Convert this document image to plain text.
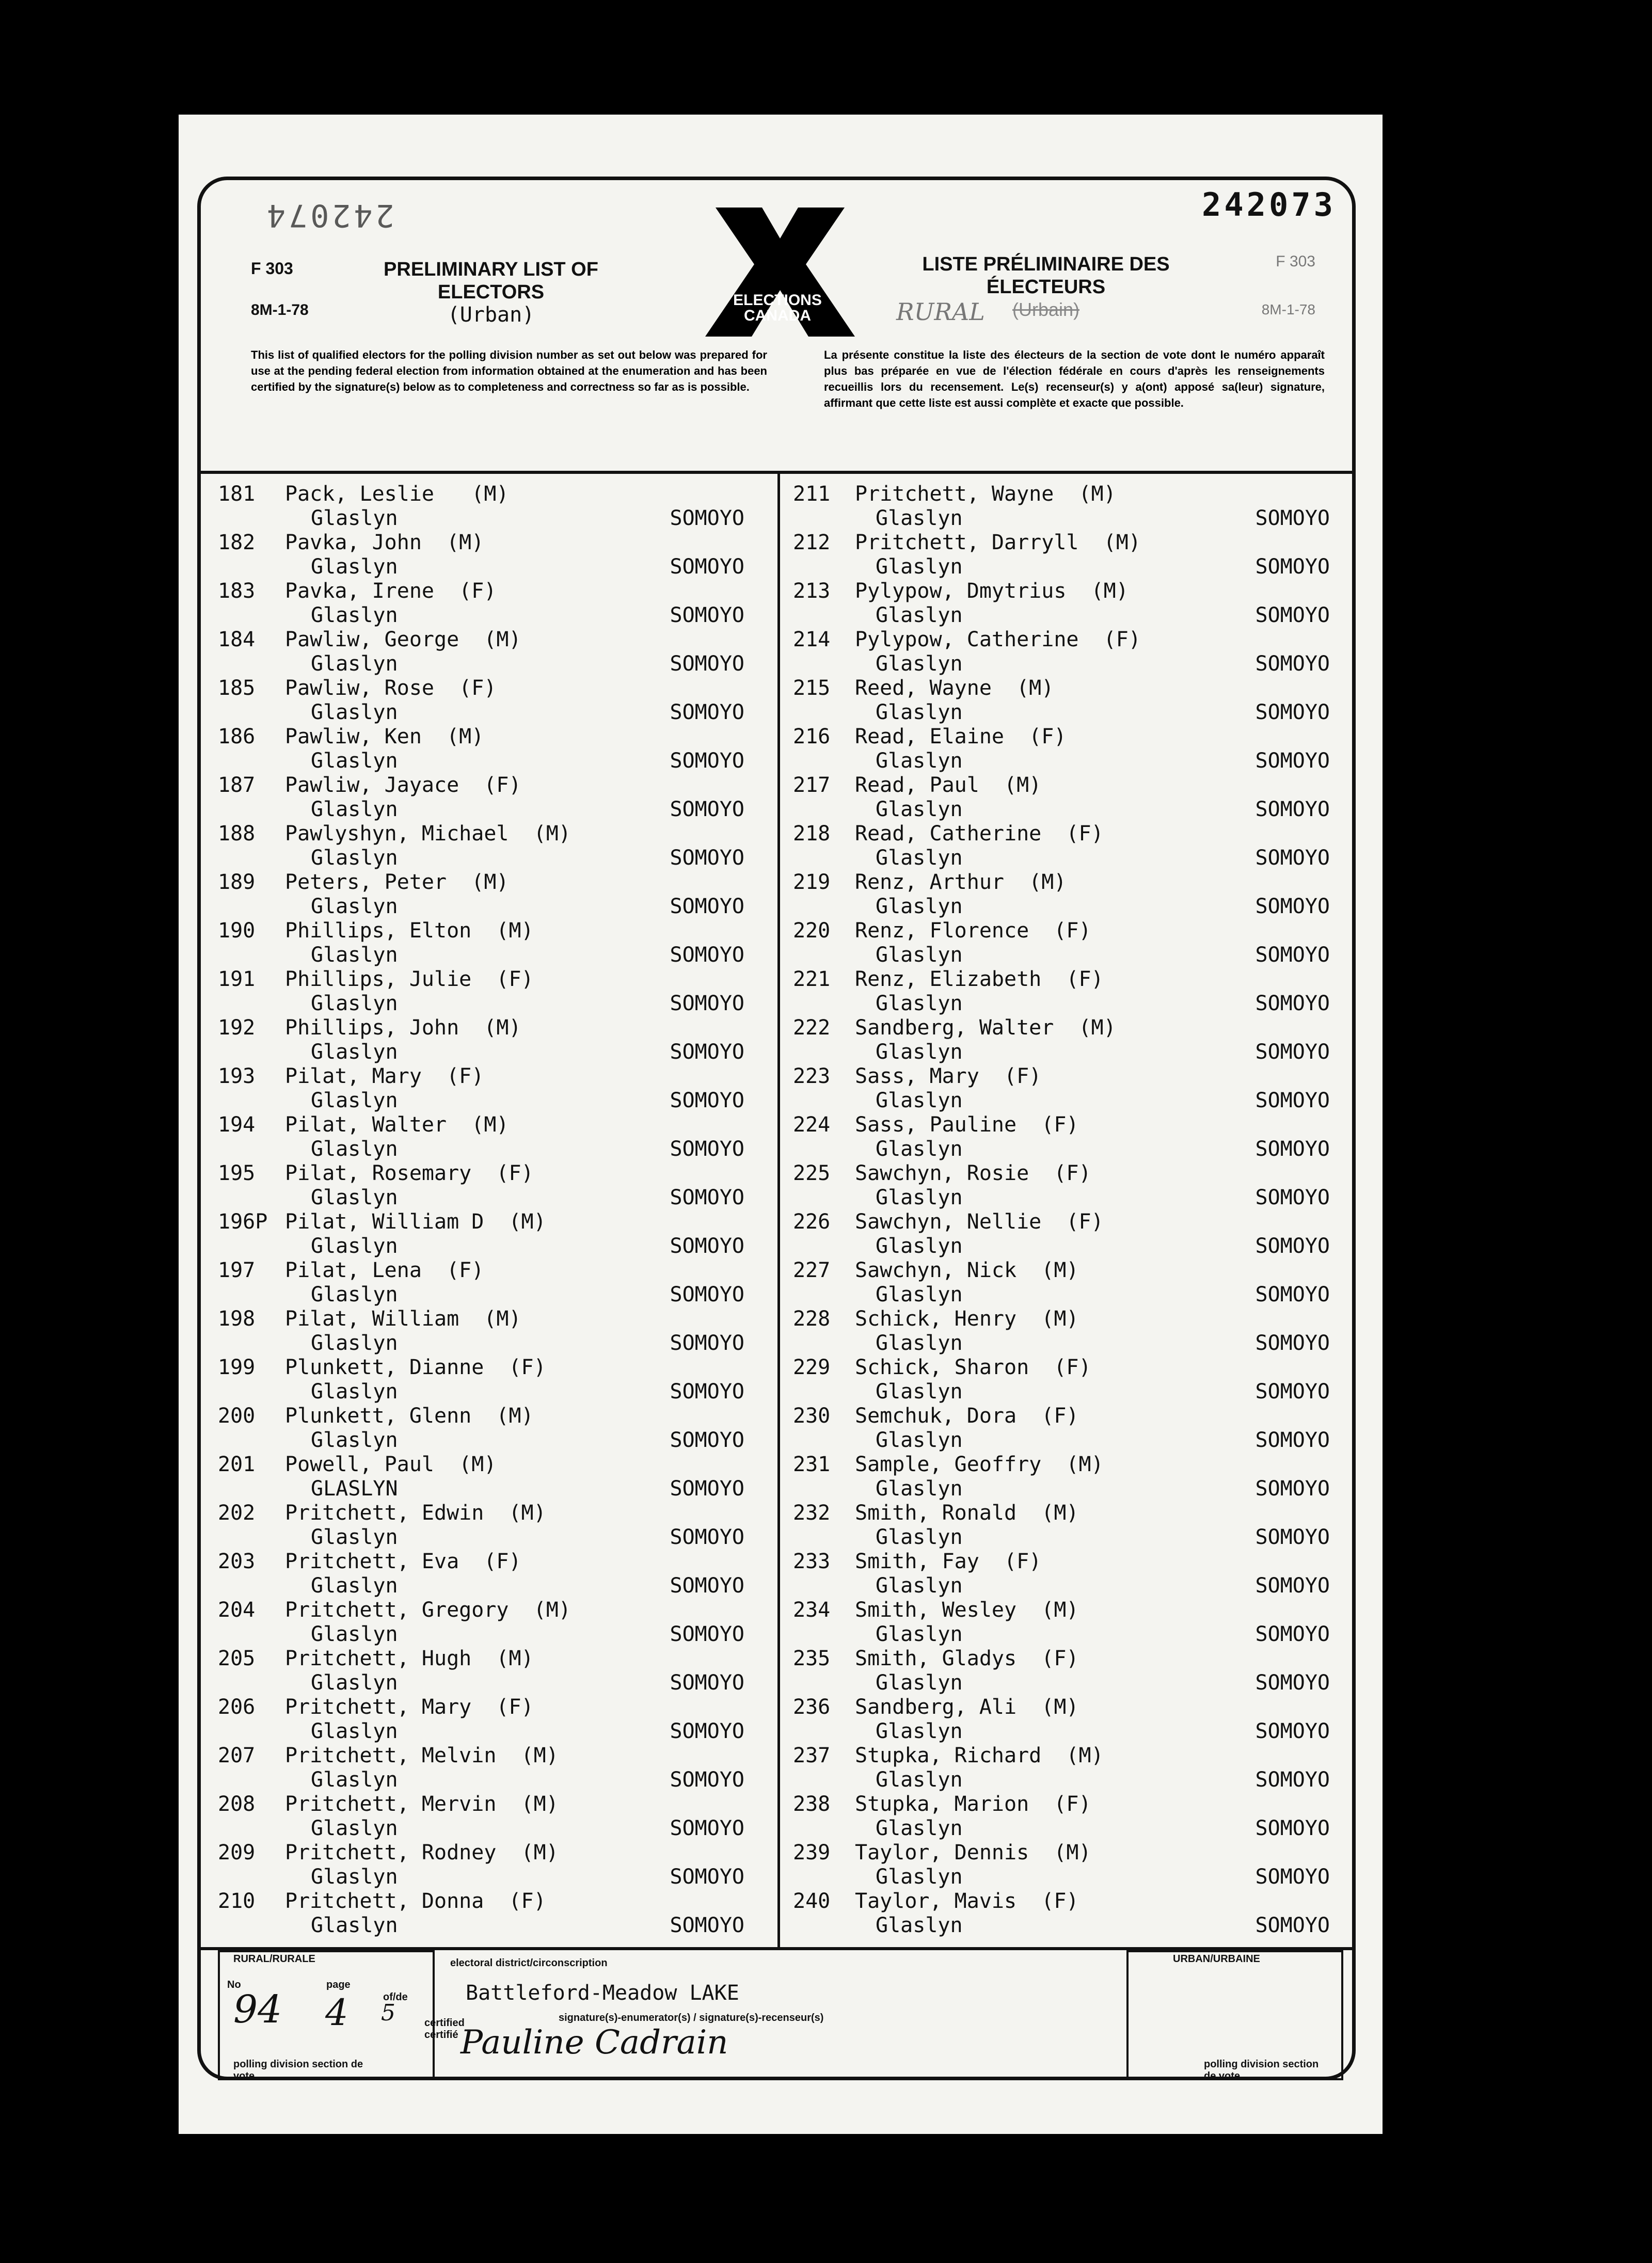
242074	242073
F 303
8M-1-78
F 303
8M-1-78
PRELIMINARY LIST OF
ELECTORS
(Urban)
ELECTIONS
CANADA
LISTE PRÉLIMINAIRE DES
ÉLECTEURS
(Urbain)
RURAL
This list of qualified electors for the polling division number as set out below was prepared for use at the pending federal election from information obtained at the enumeration and has been certified by the signature(s) below as to completeness and correctness so far as is possible.
La présente constitue la liste des électeurs de la section de vote dont le numéro apparaît plus bas préparée en vue de l'élection fédérale en cours d'après les renseignements recueillis lors du recensement. Le(s) recenseur(s) y a(ont) apposé sa(leur) signature, affirmant que cette liste est aussi complète et exacte que possible.
181 Pack, Leslie   (M)
Glaslyn	SOMOYO
182 Pavka, John  (M)
Glaslyn	SOMOYO
183 Pavka, Irene  (F)
Glaslyn	SOMOYO
184 Pawliw, George  (M)
Glaslyn	SOMOYO
185 Pawliw, Rose  (F)
Glaslyn	SOMOYO
186 Pawliw, Ken  (M)
Glaslyn	SOMOYO
187 Pawliw, Jayace  (F)
Glaslyn	SOMOYO
188 Pawlyshyn, Michael  (M)
Glaslyn	SOMOYO
189 Peters, Peter  (M)
Glaslyn	SOMOYO
190 Phillips, Elton  (M)
Glaslyn	SOMOYO
191 Phillips, Julie  (F)
Glaslyn	SOMOYO
192 Phillips, John  (M)
Glaslyn	SOMOYO
193 Pilat, Mary  (F)
Glaslyn	SOMOYO
194 Pilat, Walter  (M)
Glaslyn	SOMOYO
195 Pilat, Rosemary  (F)
Glaslyn	SOMOYO
196P Pilat, William D  (M)
Glaslyn	SOMOYO
197 Pilat, Lena  (F)
Glaslyn	SOMOYO
198 Pilat, William  (M)
Glaslyn	SOMOYO
199 Plunkett, Dianne  (F)
Glaslyn	SOMOYO
200 Plunkett, Glenn  (M)
Glaslyn	SOMOYO
201 Powell, Paul  (M)
GLASLYN	SOMOYO
202 Pritchett, Edwin  (M)
Glaslyn	SOMOYO
203 Pritchett, Eva  (F)
Glaslyn	SOMOYO
204 Pritchett, Gregory  (M)
Glaslyn	SOMOYO
205 Pritchett, Hugh  (M)
Glaslyn	SOMOYO
206 Pritchett, Mary  (F)
Glaslyn	SOMOYO
207 Pritchett, Melvin  (M)
Glaslyn	SOMOYO
208 Pritchett, Mervin  (M)
Glaslyn	SOMOYO
209 Pritchett, Rodney  (M)
Glaslyn	SOMOYO
210 Pritchett, Donna  (F)
Glaslyn	SOMOYO
211 Pritchett, Wayne  (M)
Glaslyn	SOMOYO
212 Pritchett, Darryll  (M)
Glaslyn	SOMOYO
213 Pylypow, Dmytrius  (M)
Glaslyn	SOMOYO
214 Pylypow, Catherine  (F)
Glaslyn	SOMOYO
215 Reed, Wayne  (M)
Glaslyn	SOMOYO
216 Read, Elaine  (F)
Glaslyn	SOMOYO
217 Read, Paul  (M)
Glaslyn	SOMOYO
218 Read, Catherine  (F)
Glaslyn	SOMOYO
219 Renz, Arthur  (M)
Glaslyn	SOMOYO
220 Renz, Florence  (F)
Glaslyn	SOMOYO
221 Renz, Elizabeth  (F)
Glaslyn	SOMOYO
222 Sandberg, Walter  (M)
Glaslyn	SOMOYO
223 Sass, Mary  (F)
Glaslyn	SOMOYO
224 Sass, Pauline  (F)
Glaslyn	SOMOYO
225 Sawchyn, Rosie  (F)
Glaslyn	SOMOYO
226 Sawchyn, Nellie  (F)
Glaslyn	SOMOYO
227 Sawchyn, Nick  (M)
Glaslyn	SOMOYO
228 Schick, Henry  (M)
Glaslyn	SOMOYO
229 Schick, Sharon  (F)
Glaslyn	SOMOYO
230 Semchuk, Dora  (F)
Glaslyn	SOMOYO
231 Sample, Geoffry  (M)
Glaslyn	SOMOYO
232 Smith, Ronald  (M)
Glaslyn	SOMOYO
233 Smith, Fay  (F)
Glaslyn	SOMOYO
234 Smith, Wesley  (M)
Glaslyn	SOMOYO
235 Smith, Gladys  (F)
Glaslyn	SOMOYO
236 Sandberg, Ali  (M)
Glaslyn	SOMOYO
237 Stupka, Richard  (M)
Glaslyn	SOMOYO
238 Stupka, Marion  (F)
Glaslyn	SOMOYO
239 Taylor, Dennis  (M)
Glaslyn	SOMOYO
240 Taylor, Mavis  (F)
Glaslyn	SOMOYO
RURAL/RURALE
No	page
of/de
94 4 5
polling division section de vote
electoral district/circonscription
Battleford-Meadow LAKE
certified certifié
signature(s)-enumerator(s) / signature(s)-recenseur(s)
Pauline Cadrain
URBAN/URBAINE
polling division section de vote
